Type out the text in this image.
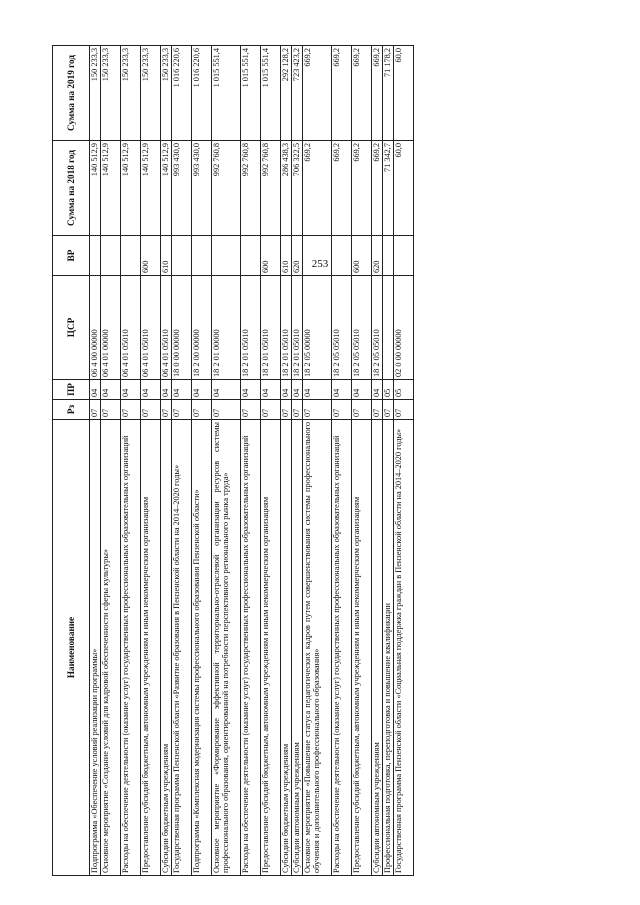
253
Наименование	Рз	ПР	ЦСР	ВР	Сумма на 2018 год	Сумма на 2019 год
Подпрограмма «Обеспечение условий реализации программы»	07	04	06 4 00 00000		140 512,9	150 233,3
Основное мероприятие «Создание условий для кадровой обеспеченности сферы культуры»	07	04	06 4 01 00000		140 512,9	150 233,3
Расходы на обеспечение деятельности (оказание услуг) государственных профессиональных образовательных организаций	07	04	06 4 01 05010		140 512,9	150 233,3
Предоставление субсидий бюджетным, автономным учреждениям и иным некоммерческим организациям	07	04	06 4 01 05010	600	140 512,9	150 233,3
Субсидии бюджетным учреждениям	07	04	06 4 01 05010	610	140 512,9	150 233,3
Государственная программа Пензенской области «Развитие образования в Пензенской области на 2014–2020 годы»	07	04	18 0 00 00000		993 430,0	1 016 220,6
Подпрограмма «Комплексная модернизация системы профессионального образования Пензенской области»	07	04	18 2 00 00000		993 430,0	1 016 220,6
Основное мероприятие «Формирование эффективной территориально-отраслевой организации ресурсов системы профессионального образования, ориентированной на потребности перспективного регионального рынка труда»	07	04	18 2 01 00000		992 760,8	1 015 551,4
Расходы на обеспечение деятельности (оказание услуг) государственных профессиональных образовательных организаций	07	04	18 2 01 05010		992 760,8	1 015 551,4
Предоставление субсидий бюджетным, автономным учреждениям и иным некоммерческим организациям	07	04	18 2 01 05010	600	992 760,8	1 015 551,4
Субсидии бюджетным учреждениям	07	04	18 2 01 05010	610	286 438,3	292 128,2
Субсидии автономным учреждениям	07	04	18 2 01 05010	620	706 322,5	723 423,2
Основное мероприятие «Повышение статуса педагогических кадров путем совершенствования системы профессионального обучения и дополнительного профессионального образования»	07	04	18 2 05 00000		669,2	669,2
Расходы на обеспечение деятельности (оказание услуг) государственных профессиональных образовательных организаций	07	04	18 2 05 05010		669,2	669,2
Предоставление субсидий бюджетным, автономным учреждениям и иным некоммерческим организациям	07	04	18 2 05 05010	600	669,2	669,2
Субсидии автономным учреждениям	07	04	18 2 05 05010	620	669,2	669,2
Профессиональная подготовка, переподготовка и повышение квалификации	07	05			71 342,7	71 178,2
Государственная программа Пензенской области «Социальная поддержка граждан в Пензенской области на 2014–2020 годы»	07	05	02 0 00 00000		60,0	60,0
